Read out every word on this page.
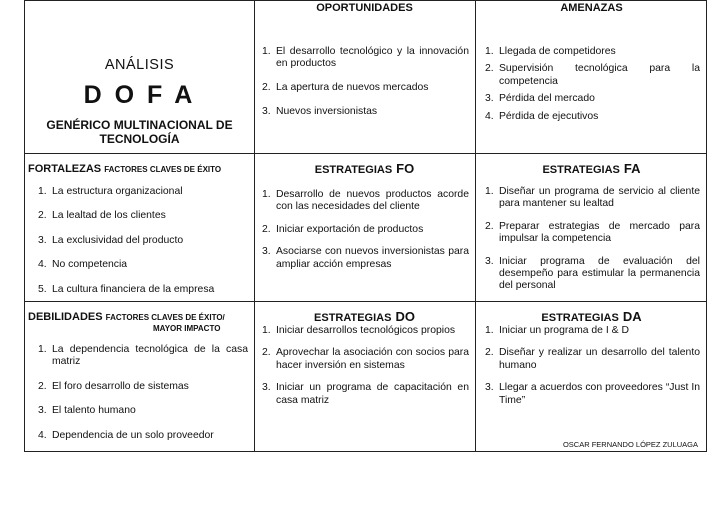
ANÁLISIS
D O F A
GENÉRICO MULTINACIONAL DE
TECNOLOGÍA
OPORTUNIDADES
1. El desarrollo tecnológico y la innovación en productos
2. La apertura de nuevos mercados
3. Nuevos inversionistas
AMENAZAS
1. Llegada de competidores
2. Supervisión tecnológica para la competencia
3. Pérdida del mercado
4. Pérdida de ejecutivos
FORTALEZAS FACTORES CLAVES DE ÉXITO
1. La estructura organizacional
2. La lealtad de los clientes
3. La exclusividad del producto
4. No competencia
5. La cultura financiera de la empresa
ESTRATEGIAS FO
1. Desarrollo de nuevos productos acorde con las necesidades del cliente
2. Iniciar exportación de productos
3. Asociarse con nuevos inversionistas para ampliar acción empresas
ESTRATEGIAS FA
1. Diseñar un programa de servicio al cliente para mantener su lealtad
2. Preparar estrategias de mercado para impulsar la competencia
3. Iniciar programa de evaluación del desempeño para estimular la permanencia del personal
DEBILIDADES FACTORES CLAVES DE ÉXITO/
MAYOR IMPACTO
1. La dependencia tecnológica de la casa matriz
2. El foro desarrollo de sistemas
3. El talento humano
4. Dependencia de un solo proveedor
ESTRATEGIAS DO
1. Iniciar desarrollos tecnológicos propios
2. Aprovechar la asociación con socios para hacer inversión en sistemas
3. Iniciar un programa de capacitación en casa matriz
ESTRATEGIAS DA
1. Iniciar un programa de I & D
2. Diseñar y realizar un desarrollo del talento humano
3. Llegar a acuerdos con proveedores “Just In Time”
OSCAR FERNANDO LÓPEZ ZULUAGA
